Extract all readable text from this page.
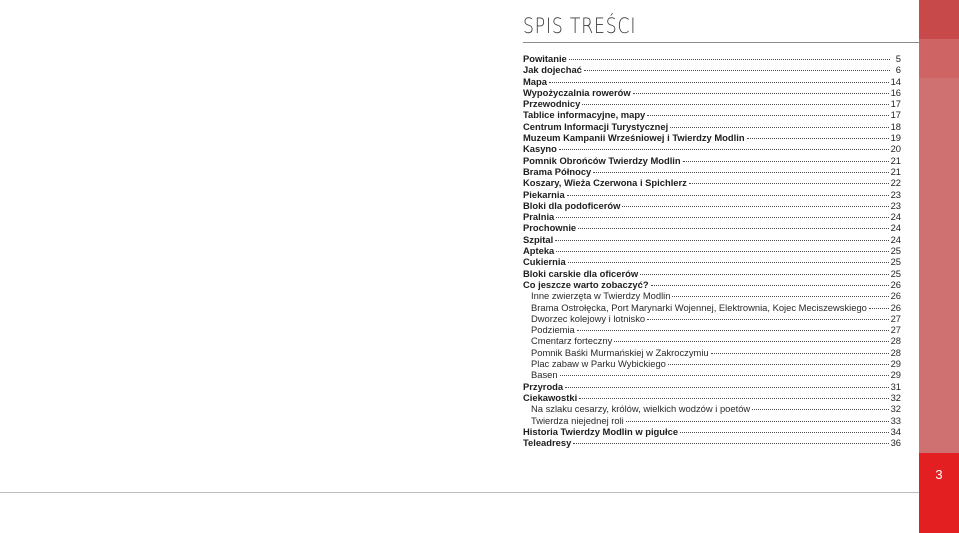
SPIS TREŚCI
Powitanie	5
Jak dojechać	6
Mapa	14
Wypożyczalnia rowerów	16
Przewodnicy	17
Tablice informacyjne, mapy	17
Centrum Informacji Turystycznej	18
Muzeum Kampanii Wrześniowej i Twierdzy Modlin	19
Kasyno	20
Pomnik Obrońców Twierdzy Modlin	21
Brama Północy	21
Koszary, Wieża Czerwona i Spichlerz	22
Piekarnia	23
Bloki dla podoficerów	23
Pralnia	24
Prochownie	24
Szpital	24
Apteka	25
Cukiernia	25
Bloki carskie dla oficerów	25
Co jeszcze warto zobaczyć?	26
Inne zwierzęta w Twierdzy Modlin	26
Brama Ostrołęcka, Port Marynarki Wojennej, Elektrownia, Kojec Meciszewskiego	26
Dworzec kolejowy i lotnisko	27
Podziemia	27
Cmentarz forteczny	28
Pomnik Baśki Murmańskiej w Zakroczymiu	28
Plac zabaw w Parku Wybickiego	29
Basen	29
Przyroda	31
Ciekawostki	32
Na szlaku cesarzy, królów, wielkich wodzów i poetów	32
Twierdza niejednej roli	33
Historia Twierdzy Modlin w pigułce	34
Teleadresy	36
3
